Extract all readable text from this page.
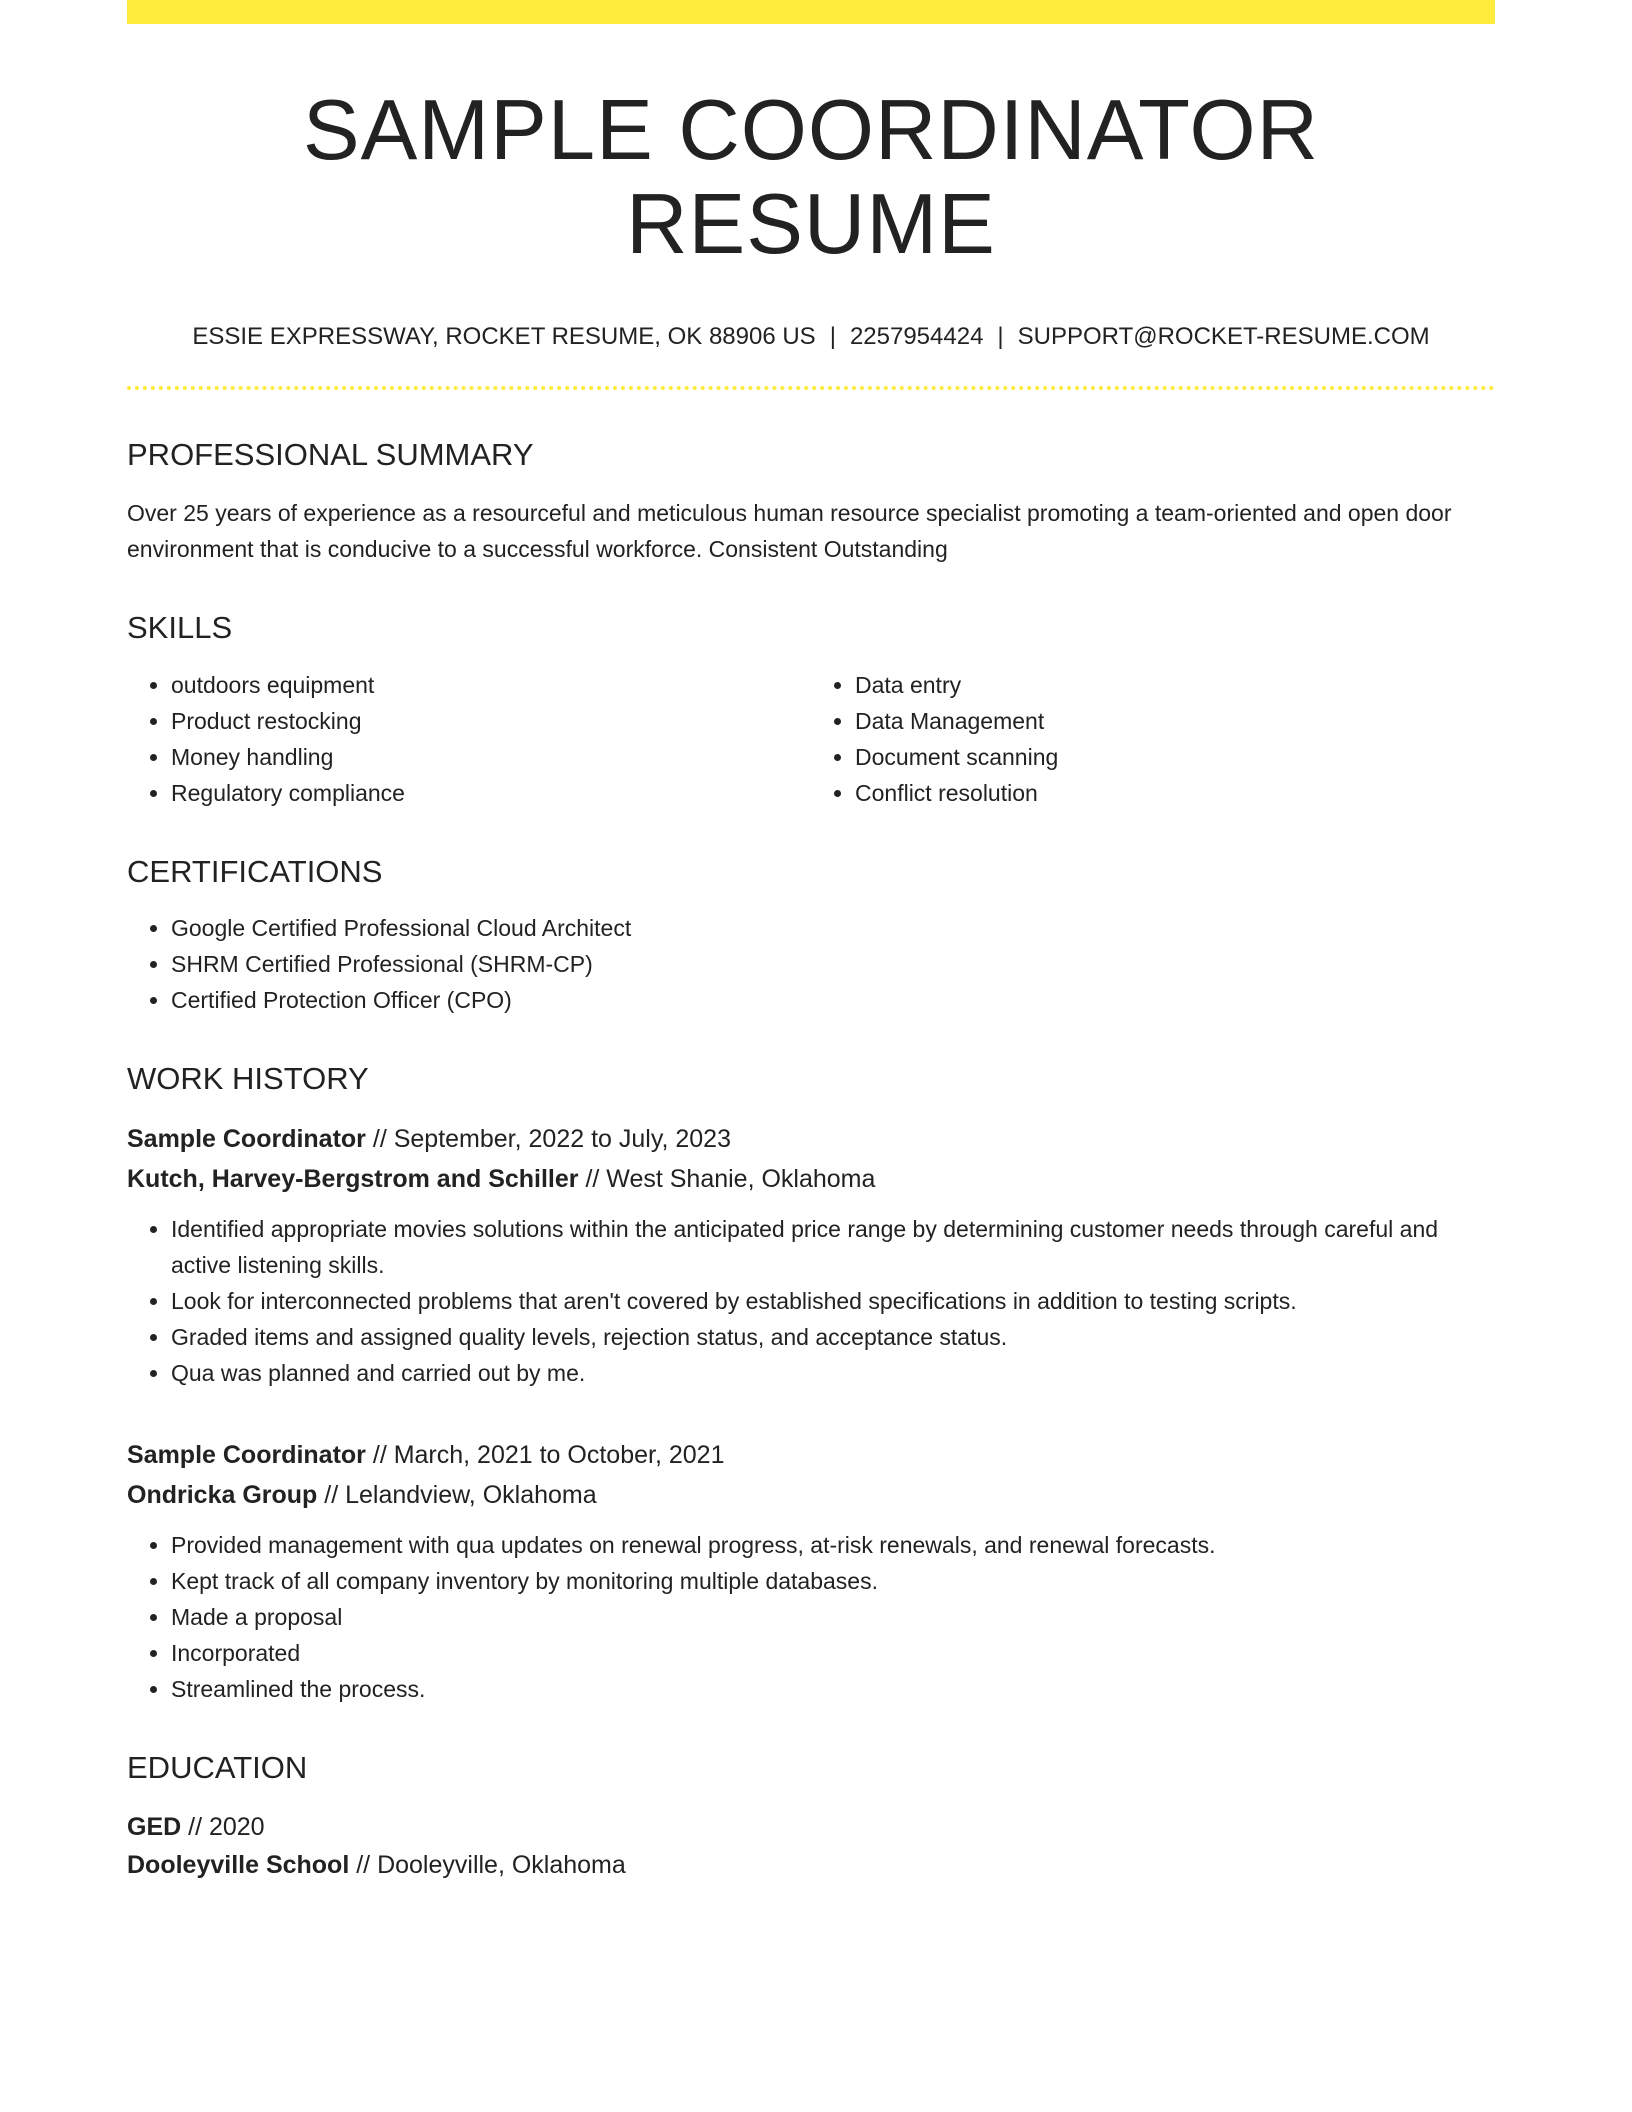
SAMPLE COORDINATOR RESUME
ESSIE EXPRESSWAY, ROCKET RESUME, OK 88906 US | 2257954424 | SUPPORT@ROCKET-RESUME.COM
PROFESSIONAL SUMMARY

Over 25 years of experience as a resourceful and meticulous human resource specialist promoting a team-oriented and open door environment that is conducive to a successful workforce. Consistent Outstanding

SKILLS
• outdoors equipment
• Product restocking
• Money handling
• Regulatory compliance
• Data entry
• Data Management
• Document scanning
• Conflict resolution
CERTIFICATIONS
• Google Certified Professional Cloud Architect
• SHRM Certified Professional (SHRM-CP)
• Certified Protection Officer (CPO)
WORK HISTORY
Sample Coordinator // September, 2022 to July, 2023
Kutch, Harvey-Bergstrom and Schiller // West Shanie, Oklahoma
• Identified appropriate movies solutions within the anticipated price range by determining customer needs through careful and active listening skills.
• Look for interconnected problems that aren't covered by established specifications in addition to testing scripts.
• Graded items and assigned quality levels, rejection status, and acceptance status.
• Qua was planned and carried out by me.
Sample Coordinator // March, 2021 to October, 2021
Ondricka Group // Lelandview, Oklahoma
• Provided management with qua updates on renewal progress, at-risk renewals, and renewal forecasts.
• Kept track of all company inventory by monitoring multiple databases.
• Made a proposal
• Incorporated
• Streamlined the process.
EDUCATION
GED // 2020
Dooleyville School // Dooleyville, Oklahoma
